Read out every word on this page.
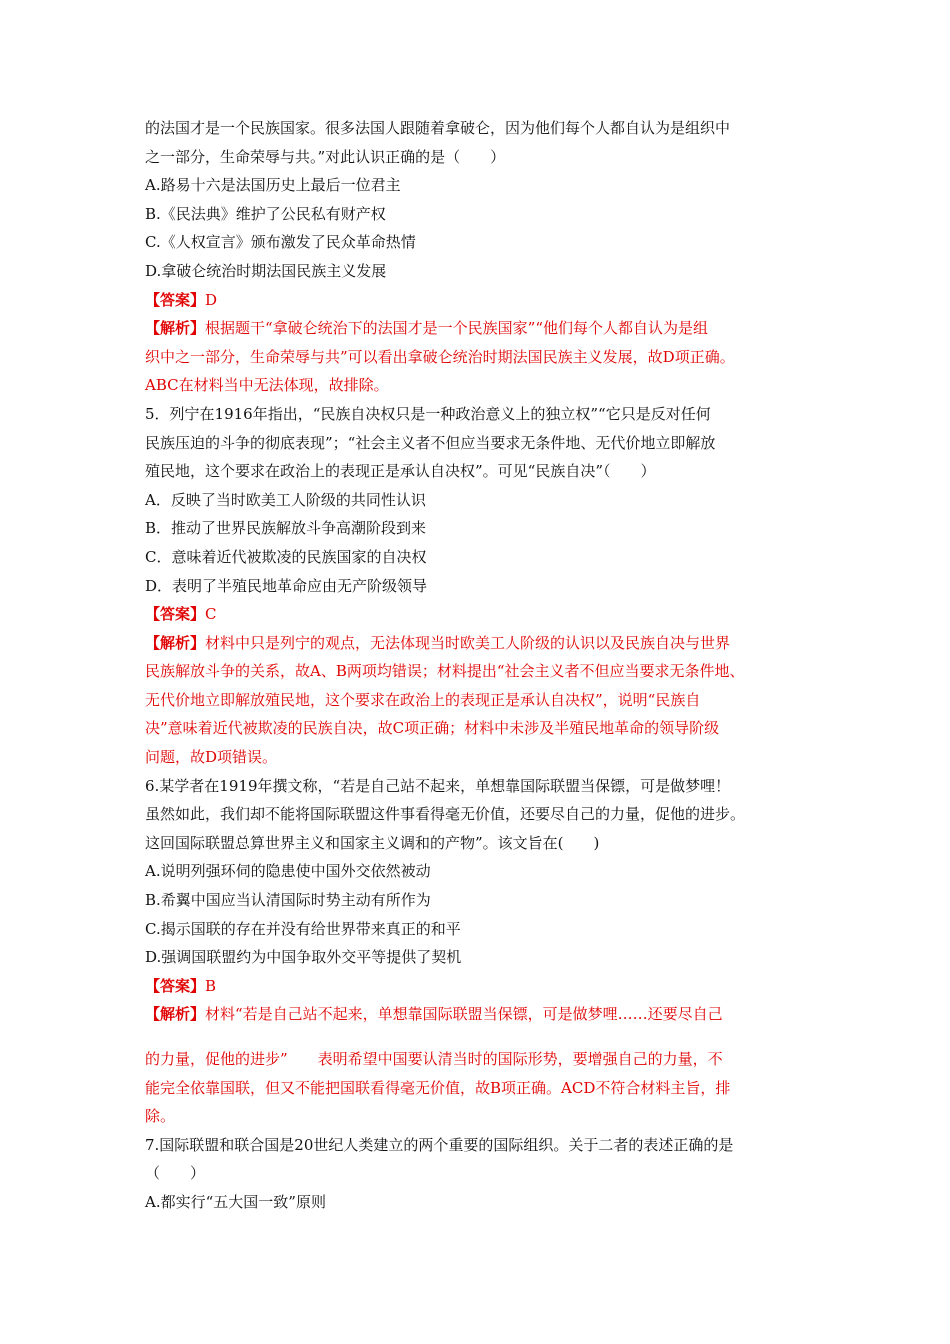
的法国才是一个民族国家。很多法国人跟随着拿破仑，因为他们每个人都自认为是组织中
之一部分，生命荣辱与共。”对此认识正确的是（　　）
A.路易十六是法国历史上最后一位君主
B.《民法典》维护了公民私有财产权
C.《人权宣言》颁布激发了民众革命热情
D.拿破仑统治时期法国民族主义发展
【答案】D
【解析】根据题干“拿破仑统治下的法国才是一个民族国家”“他们每个人都自认为是组
织中之一部分，生命荣辱与共”可以看出拿破仑统治时期法国民族主义发展，故D项正确。
ABC在材料当中无法体现，故排除。
5．列宁在1916年指出，“民族自决权只是一种政治意义上的独立权”“它只是反对任何
民族压迫的斗争的彻底表现”；“社会主义者不但应当要求无条件地、无代价地立即解放
殖民地，这个要求在政治上的表现正是承认自决权”。可见“民族自决”（　　）
A．反映了当时欧美工人阶级的共同性认识
B．推动了世界民族解放斗争高潮阶段到来
C．意味着近代被欺凌的民族国家的自决权
D．表明了半殖民地革命应由无产阶级领导
【答案】C
【解析】材料中只是列宁的观点，无法体现当时欧美工人阶级的认识以及民族自决与世界
民族解放斗争的关系，故A、B两项均错误；材料提出“社会主义者不但应当要求无条件地、
无代价地立即解放殖民地，这个要求在政治上的表现正是承认自决权”，说明“民族自
决”意味着近代被欺凌的民族自决，故C项正确；材料中未涉及半殖民地革命的领导阶级
问题，故D项错误。
6.某学者在1919年撰文称，“若是自己站不起来，单想靠国际联盟当保镖，可是做梦哩！
虽然如此，我们却不能将国际联盟这件事看得毫无价值，还要尽自己的力量，促他的进步。
这回国际联盟总算世界主义和国家主义调和的产物”。该文旨在(　　)
A.说明列强环伺的隐患使中国外交依然被动
B.希翼中国应当认清国际时势主动有所作为
C.揭示国联的存在并没有给世界带来真正的和平
D.强调国联盟约为中国争取外交平等提供了契机
【答案】B
【解析】材料“若是自己站不起来，单想靠国际联盟当保镖，可是做梦哩……还要尽自己
的力量，促他的进步”　　表明希望中国要认清当时的国际形势，要增强自己的力量，不
能完全依靠国联，但又不能把国联看得毫无价值，故B项正确。ACD不符合材料主旨，排
除。
7.国际联盟和联合国是20世纪人类建立的两个重要的国际组织。关于二者的表述正确的是
（　　）
A.都实行“五大国一致”原则
